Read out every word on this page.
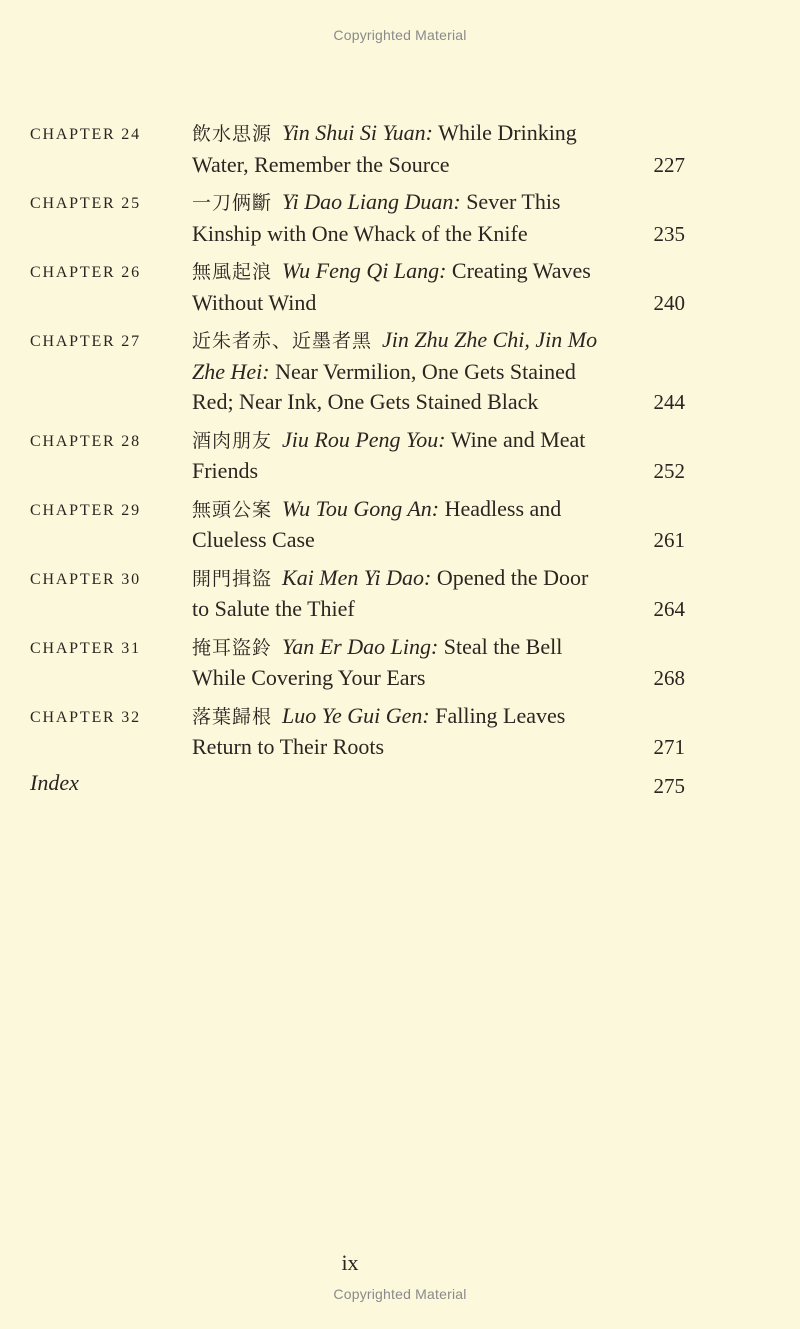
Copyrighted Material
CHAPTER 24	飲水思源 Yin Shui Si Yuan: While Drinking Water, Remember the Source	227
CHAPTER 25	一刀俩斷 Yi Dao Liang Duan: Sever This Kinship with One Whack of the Knife	235
CHAPTER 26	無風起浪 Wu Feng Qi Lang: Creating Waves Without Wind	240
CHAPTER 27	近朱者赤、近墨者黑 Jin Zhu Zhe Chi, Jin Mo Zhe Hei: Near Vermilion, One Gets Stained Red; Near Ink, One Gets Stained Black	244
CHAPTER 28	酒肉朋友 Jiu Rou Peng You: Wine and Meat Friends	252
CHAPTER 29	無頭公案 Wu Tou Gong An: Headless and Clueless Case	261
CHAPTER 30	開門揖盜 Kai Men Yi Dao: Opened the Door to Salute the Thief	264
CHAPTER 31	掩耳盜鈴 Yan Er Dao Ling: Steal the Bell While Covering Your Ears	268
CHAPTER 32	落葉歸根 Luo Ye Gui Gen: Falling Leaves Return to Their Roots	271
Index	275
ix
Copyrighted Material
